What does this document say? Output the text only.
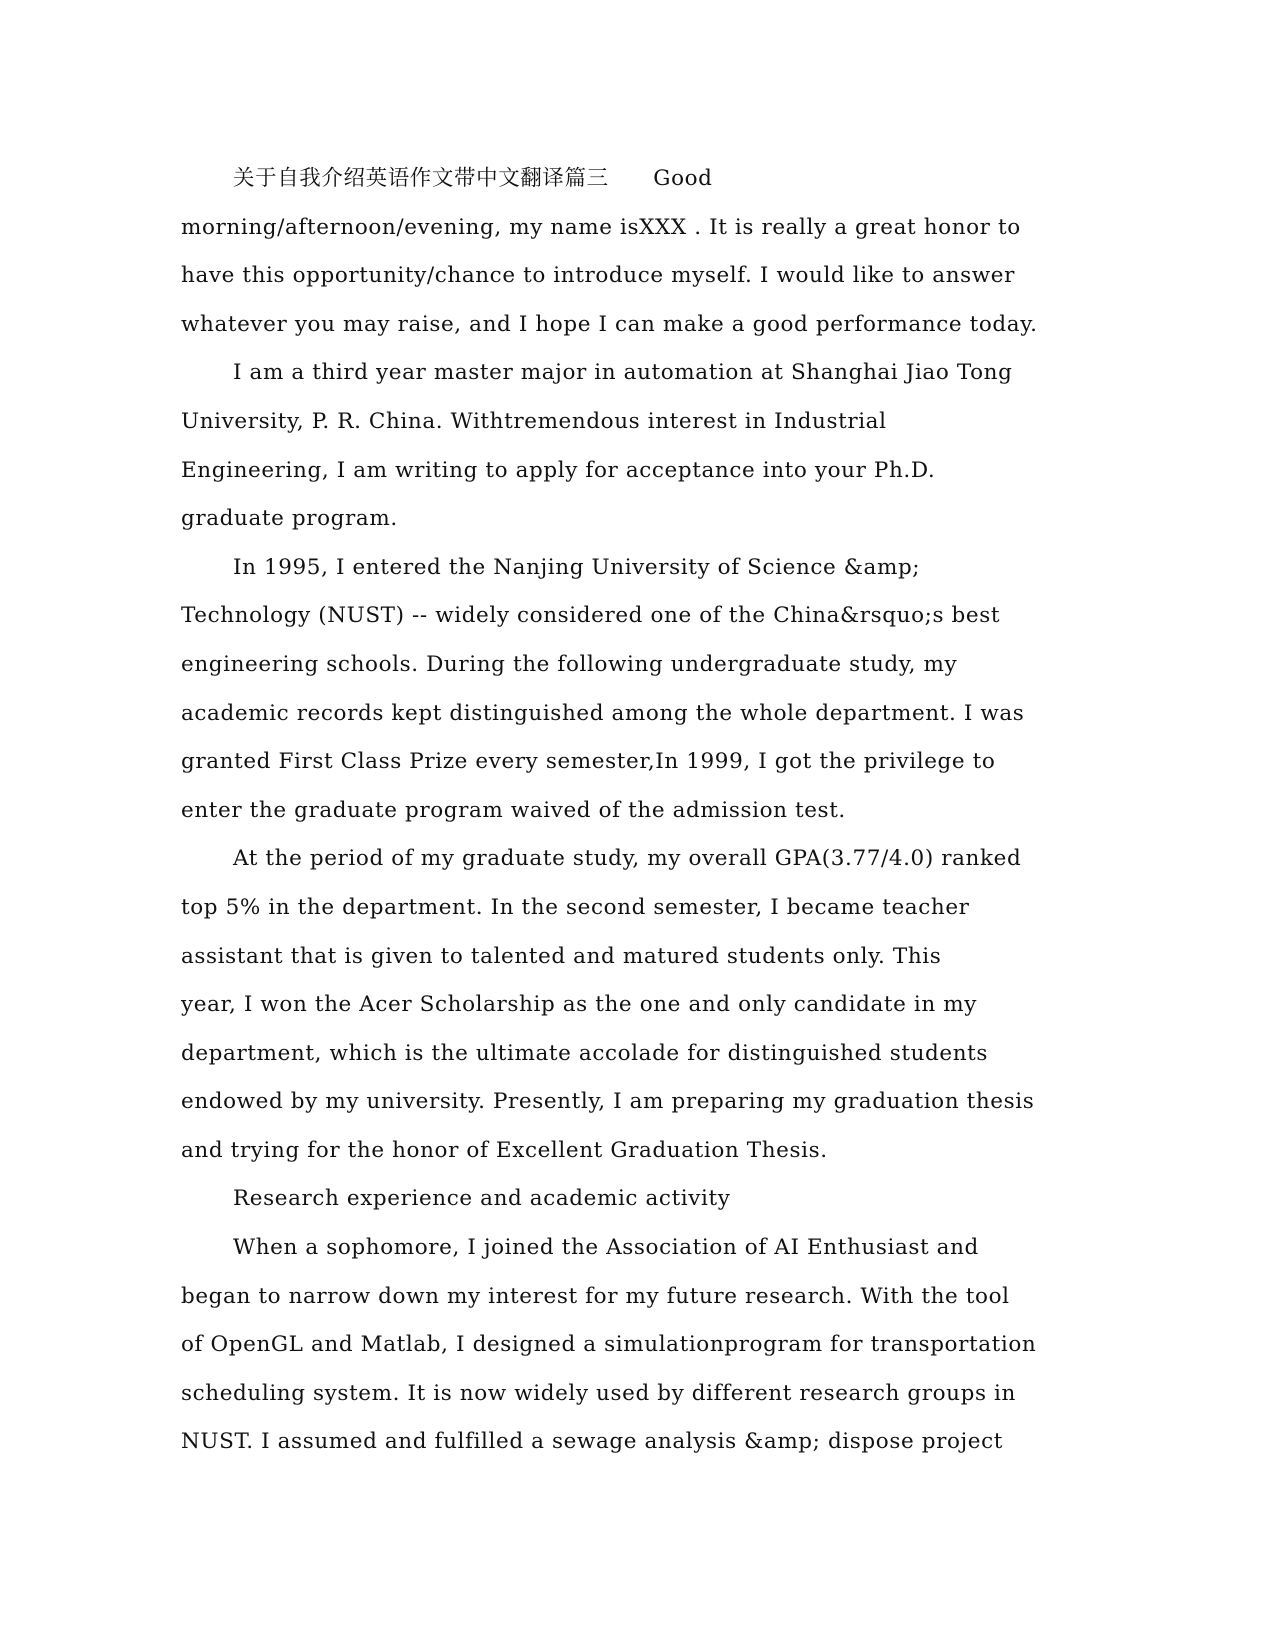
关于自我介绍英语作文带中文翻译篇三      Good
morning/afternoon/evening, my name isXXX . It is really a great honor to
have this opportunity/chance to introduce myself. I would like to answer
whatever you may raise, and I hope I can make a good performance today.
I am a third year master major in automation at Shanghai Jiao Tong
University, P. R. China. Withtremendous interest in Industrial
Engineering, I am writing to apply for acceptance into your Ph.D.
graduate program.
In 1995, I entered the Nanjing University of Science &amp;
Technology (NUST) -- widely considered one of the China&rsquo;s best
engineering schools. During the following undergraduate study, my
academic records kept distinguished among the whole department. I was
granted First Class Prize every semester,In 1999, I got the privilege to
enter the graduate program waived of the admission test.
At the period of my graduate study, my overall GPA(3.77/4.0) ranked
top 5% in the department. In the second semester, I became teacher
assistant that is given to talented and matured students only. This
year, I won the Acer Scholarship as the one and only candidate in my
department, which is the ultimate accolade for distinguished students
endowed by my university. Presently, I am preparing my graduation thesis
and trying for the honor of Excellent Graduation Thesis.
Research experience and academic activity
When a sophomore, I joined the Association of AI Enthusiast and
began to narrow down my interest for my future research. With the tool
of OpenGL and Matlab, I designed a simulationprogram for transportation
scheduling system. It is now widely used by different research groups in
NUST. I assumed and fulfilled a sewage analysis &amp; dispose project
